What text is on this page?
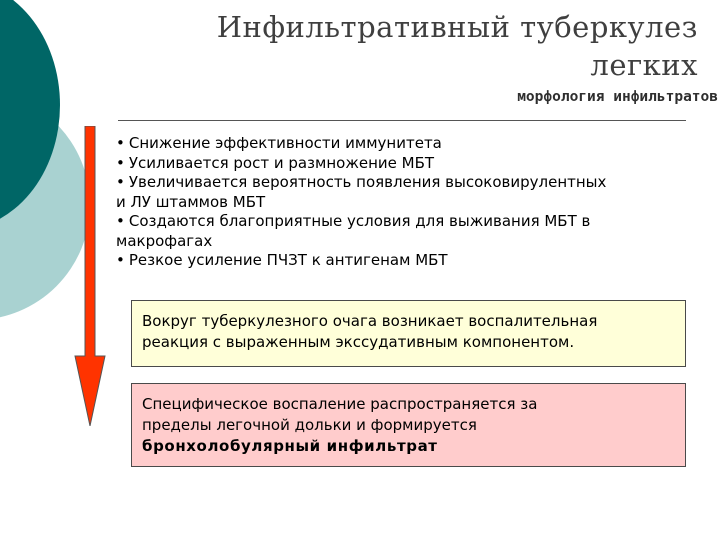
Инфильтративный туберкулез
легких
морфология инфильтратов
• Снижение эффективности иммунитета
• Усиливается рост и размножение МБТ
• Увеличивается вероятность появления высоковирулентных
и ЛУ штаммов МБТ
• Создаются благоприятные условия для выживания МБТ в
макрофагах
• Резкое усиление ПЧЗТ к антигенам МБТ
Вокруг туберкулезного очага возникает воспалительная
реакция с выраженным экссудативным компонентом.
Специфическое воспаление распространяется за
пределы легочной дольки и формируется
бронхолобулярный инфильтрат
